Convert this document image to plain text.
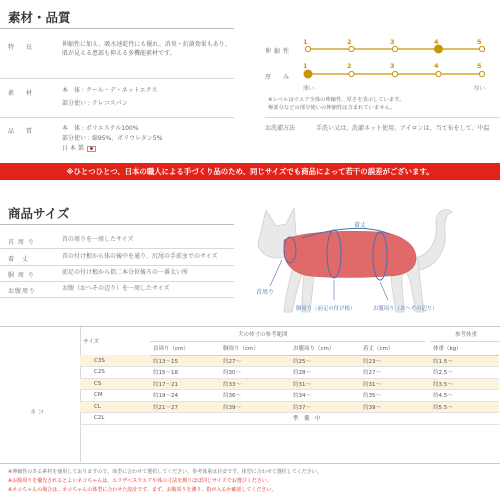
素材・品質
特　長	伸縮性に加え、吸水速乾性にも優れ、消臭・抗菌効果もあり、
肌が見える患部も抑える多機能素材です。
素　材	本　体 : クール・デ・ネットエクス
部分使い : テレコスパン
品　質	本　体 : ポリエステル100%
部分使い : 綿95%、ポリウレタン5%
日 本 製
伸縮性
厚　み
1	2	3	4	5
1	2	3	4	5
薄い	厚い
※レベルはウエア全体の伸縮性、厚さを表示しています。
極部分などの部分使いの伸縮性は含まれていません。
お洗濯方法	手洗い又は、洗濯ネット使用。アイロンは、当て布をして、中温
※ひとつひとつ、日本の職人による手づくり品のため、同じサイズでも商品によって若干の誤差がございます。
商品サイズ
首 周 り	首の周りを一周したサイズ
着　丈	首の付け根から体の後中を通り、尻尾の手前までのサイズ
胴 周 り	前足の付け根から指二本分位後ろの一番太い所
お腹周り	お腹（おへその辺り）を一周したサイズ
着丈
首周り
胴周り（前足の付け根）	お腹周り（おへその辺り）
犬の体寸の参考範囲	参考体重
ネ コ
サイズ	首周り（cm）	胴周り（cm）	お腹周り（cm）	着丈（cm）	体重（kg）
C3S	約13〜15	約27〜	約25〜	約23〜	約1.5〜
C2S	約15〜18	約30〜	約28〜	約27〜	約2.5〜
CS	約17〜21	約33〜	約31〜	約31〜	約3.5〜
CM	約19〜24	約36〜	約34〜	約35〜	約4.5〜
CL	約21〜27	約39〜	約37〜	約39〜	約5.5〜
C2L			準　備　中		
※伸縮性のある素材を使用しておりますので、体型に合わせて選択してください。参考体重は目安です。体型に合わせて選択してください。
※お腹周りを優先されるとよいネコちゃんは、エリザベスウエアや体の寸法を測りほぼ同じサイズでお選びください。
※ネコちゃんの場合は、ネコちゃんの体型に合わせた設計です。まず、お腹周りを測り、指が入るか確認してください。
